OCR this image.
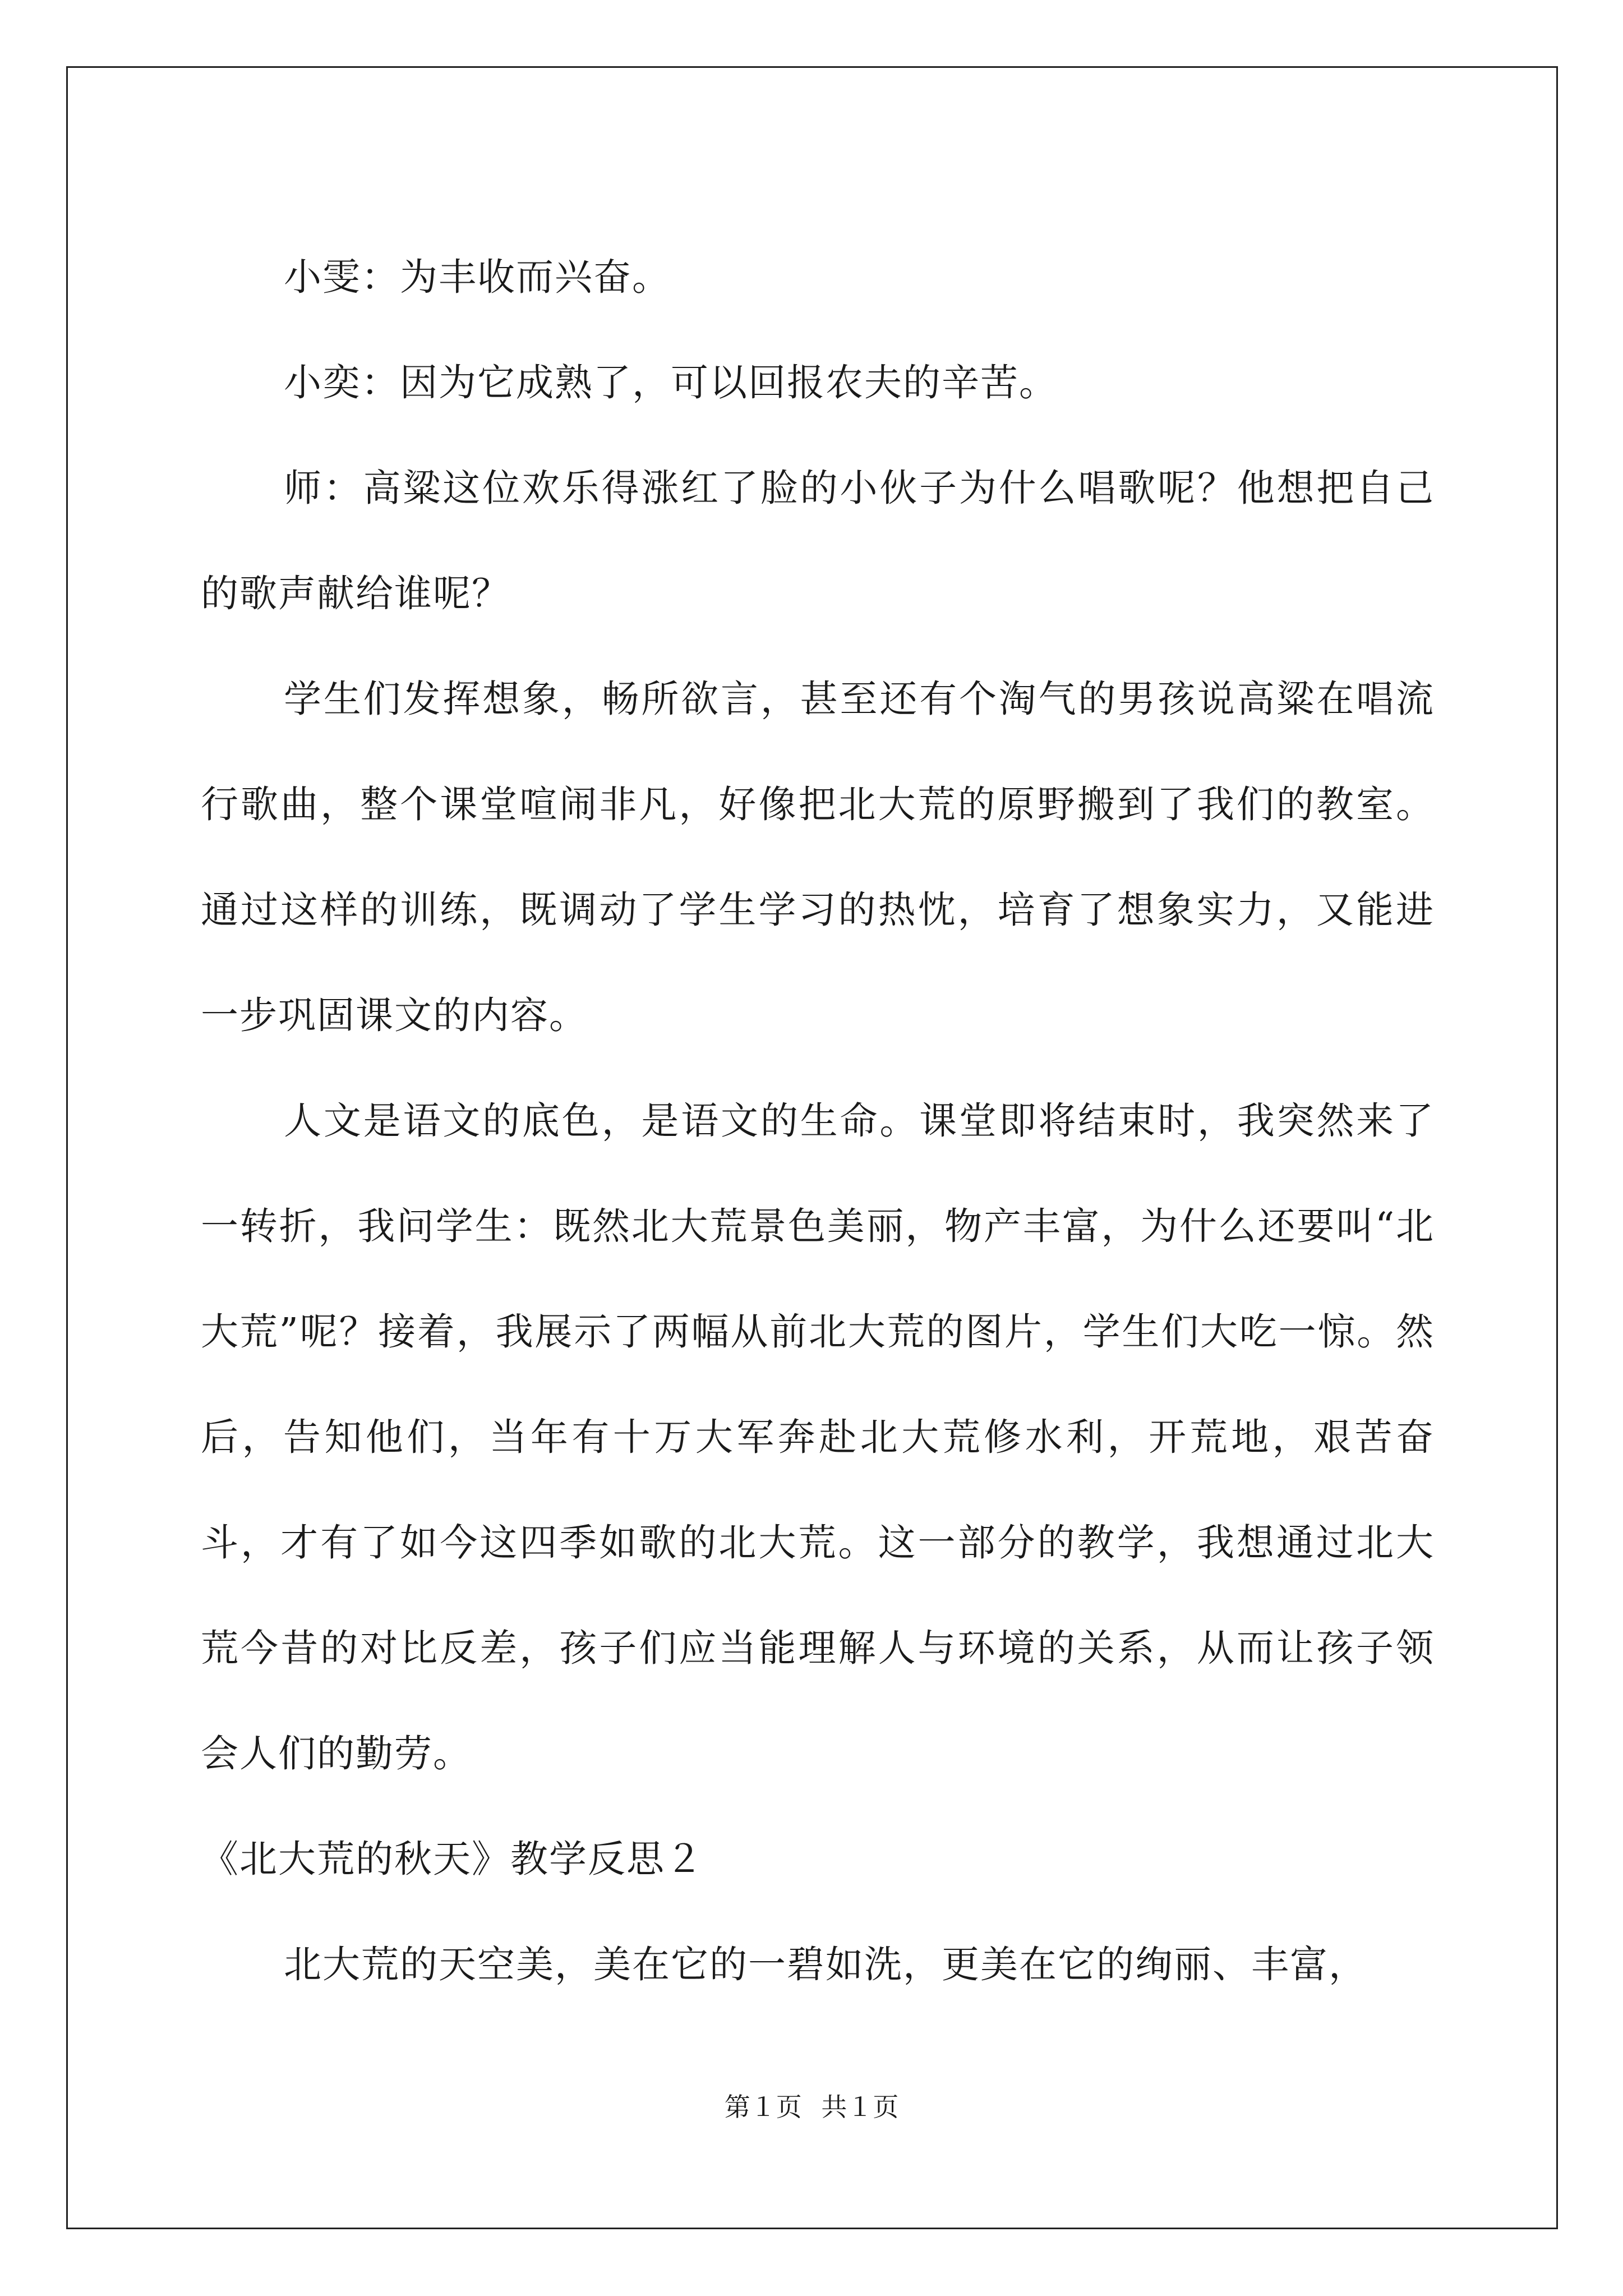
小雯：为丰收而兴奋。

小奕：因为它成熟了，可以回报农夫的辛苦。

师：高粱这位欢乐得涨红了脸的小伙子为什么唱歌呢？他想把自己的歌声献给谁呢？

学生们发挥想象，畅所欲言，甚至还有个淘气的男孩说高粱在唱流行歌曲，整个课堂喧闹非凡，好像把北大荒的原野搬到了我们的教室。通过这样的训练，既调动了学生学习的热忱，培育了想象实力，又能进一步巩固课文的内容。

人文是语文的底色，是语文的生命。课堂即将结束时，我突然来了一转折，我问学生：既然北大荒景色美丽，物产丰富，为什么还要叫“北大荒”呢？接着，我展示了两幅从前北大荒的图片，学生们大吃一惊。然后，告知他们，当年有十万大军奔赴北大荒修水利，开荒地，艰苦奋斗，才有了如今这四季如歌的北大荒。这一部分的教学，我想通过北大荒今昔的对比反差，孩子们应当能理解人与环境的关系，从而让孩子领会人们的勤劳。

《北大荒的秋天》教学反思２

北大荒的天空美，美在它的一碧如洗，更美在它的绚丽、丰富，

第１页 共１页
